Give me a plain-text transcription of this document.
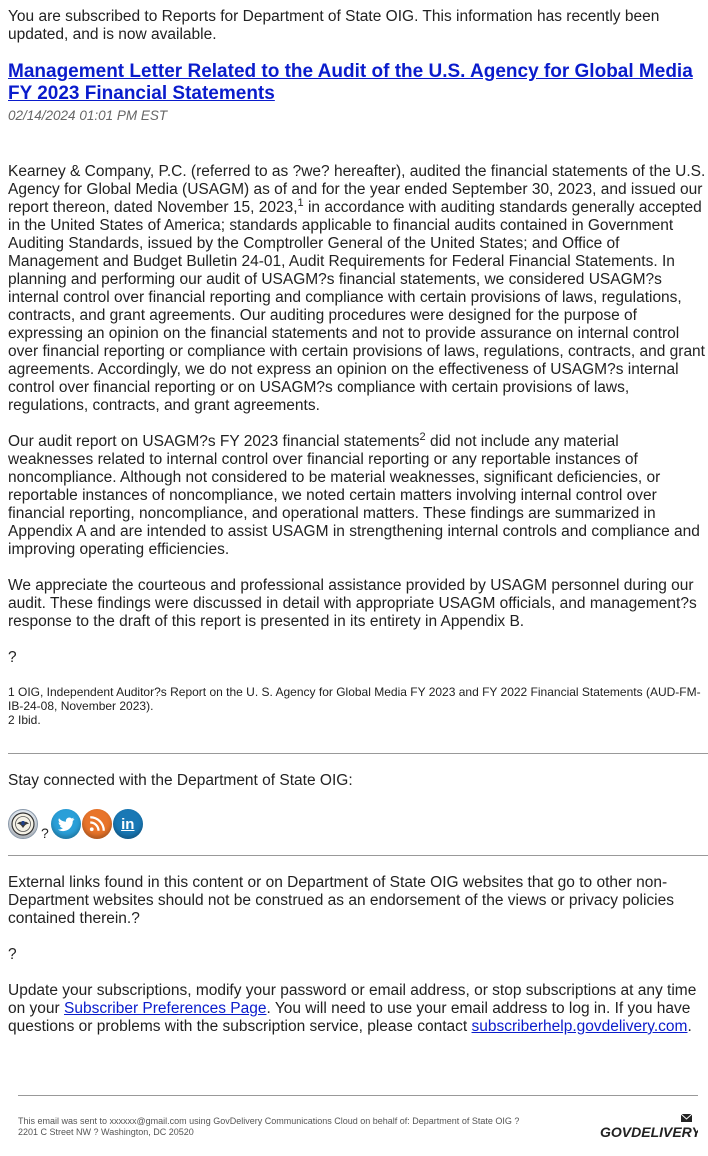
You are subscribed to Reports for Department of State OIG. This information has recently been updated, and is now available.

Management Letter Related to the Audit of the U.S. Agency for Global Media FY 2023 Financial Statements
02/14/2024 01:01 PM EST

Kearney & Company, P.C. (referred to as ?we? hereafter), audited the financial statements of the U.S. Agency for Global Media (USAGM) as of and for the year ended September 30, 2023, and issued our report thereon, dated November 15, 2023,$^1$ in accordance with auditing standards generally accepted in the United States of America; standards applicable to financial audits contained in Government Auditing Standards, issued by the Comptroller General of the United States; and Office of Management and Budget Bulletin 24-01, Audit Requirements for Federal Financial Statements. In planning and performing our audit of USAGM?s financial statements, we considered USAGM?s internal control over financial reporting and compliance with certain provisions of laws, regulations, contracts, and grant agreements. Our auditing procedures were designed for the purpose of expressing an opinion on the financial statements and not to provide assurance on internal control over financial reporting or compliance with certain provisions of laws, regulations, contracts, and grant agreements. Accordingly, we do not express an opinion on the effectiveness of USAGM?s internal control over financial reporting or on USAGM?s compliance with certain provisions of laws, regulations, contracts, and grant agreements.

Our audit report on USAGM?s FY 2023 financial statements$^2$ did not include any material weaknesses related to internal control over financial reporting or any reportable instances of noncompliance. Although not considered to be material weaknesses, significant deficiencies, or reportable instances of noncompliance, we noted certain matters involving internal control over financial reporting, noncompliance, and operational matters. These findings are summarized in Appendix A and are intended to assist USAGM in strengthening internal controls and compliance and improving operating efficiencies.

We appreciate the courteous and professional assistance provided by USAGM personnel during our audit. These findings were discussed in detail with appropriate USAGM officials, and management?s response to the draft of this report is presented in its entirety in Appendix B.

?

1 OIG, Independent Auditor?s Report on the U. S. Agency for Global Media FY 2023 and FY 2022 Financial Statements (AUD-FM-IB-24-08, November 2023).
2 Ibid.
Stay connected with the Department of State OIG:
?
in

External links found in this content or on Department of State OIG websites that go to other non-Department websites should not be construed as an endorsement of the views or privacy policies contained therein.?

?

Update your subscriptions, modify your password or email address, or stop subscriptions at any time on your Subscriber Preferences Page. You will need to use your email address to log in. If you have questions or problems with the subscription service, please contact subscriberhelp.govdelivery.com.

This email was sent to xxxxxx@gmail.com using GovDelivery Communications Cloud on behalf of: Department of State OIG ?
2201 C Street NW ? Washington, DC 20520	GOVDELIVERY
